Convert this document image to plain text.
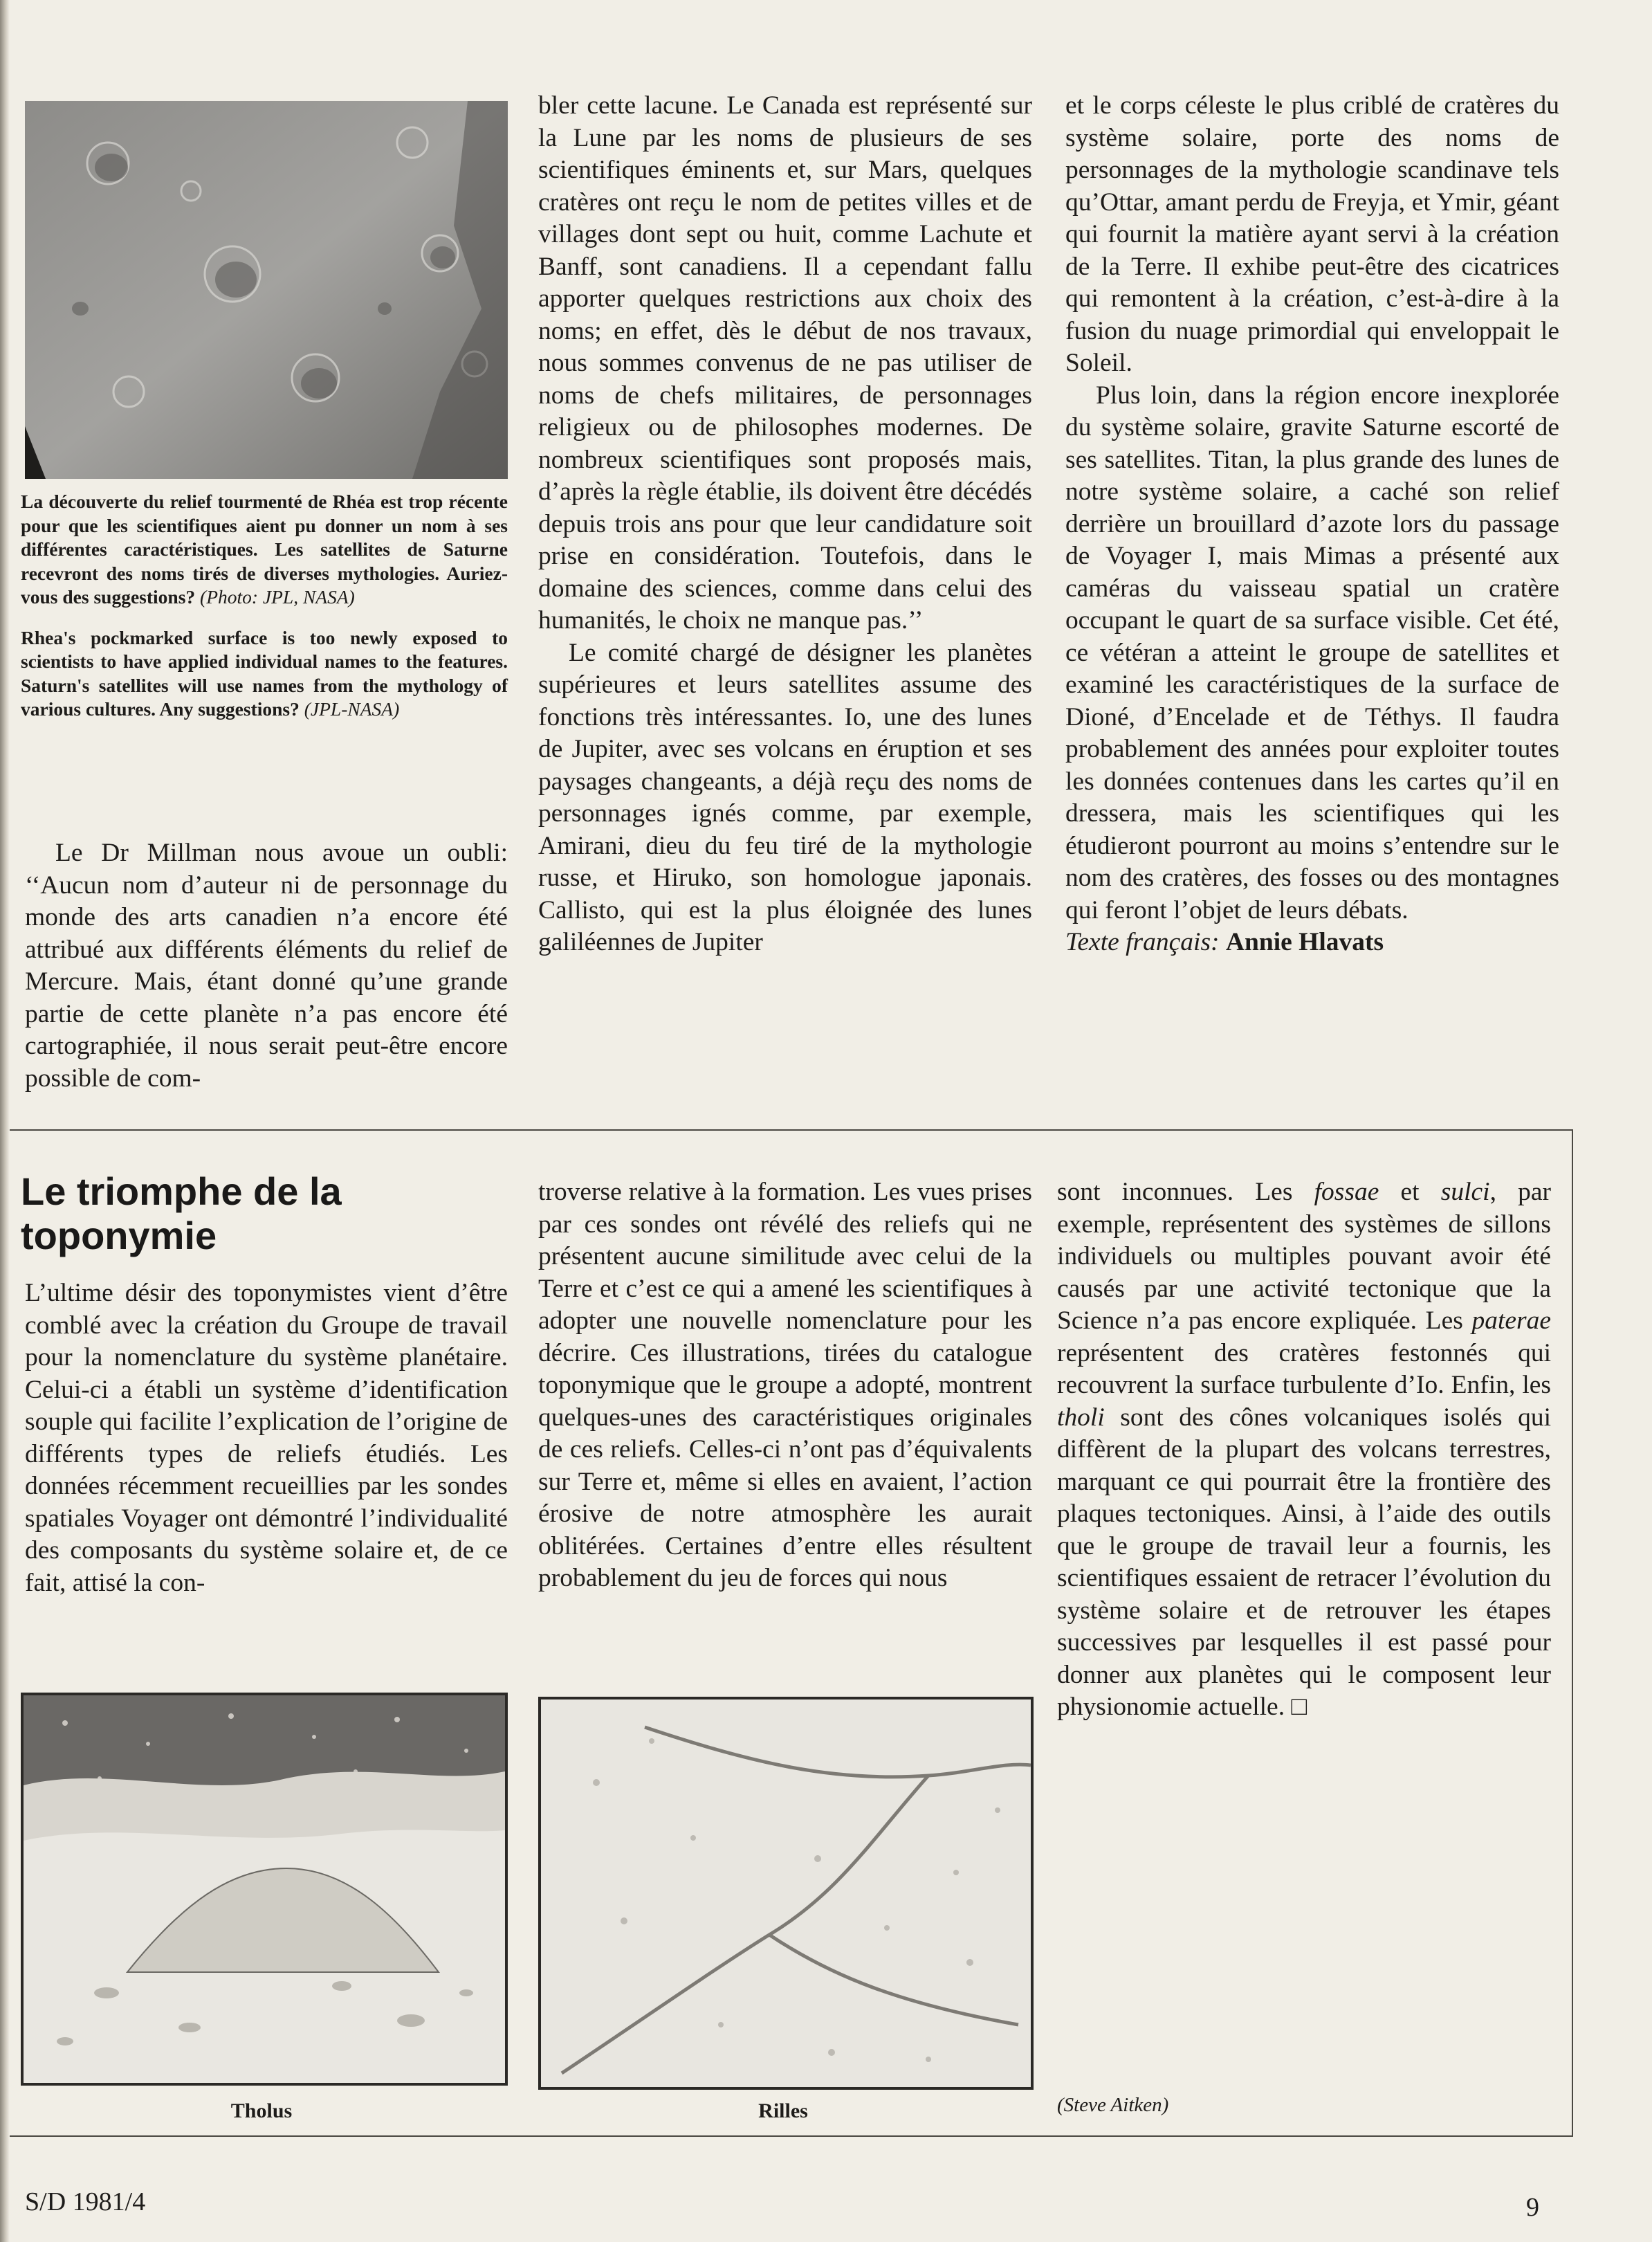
La découverte du relief tourmenté de Rhéa est trop récente pour que les scientifiques aient pu donner un nom à ses différentes caractéristiques. Les satellites de Saturne recevront des noms tirés de diverses mythologies. Auriez-vous des suggestions? (Photo: JPL, NASA)

Rhea's pockmarked surface is too newly exposed to scientists to have applied individual names to the features. Saturn's satellites will use names from the mythology of various cultures. Any suggestions? (JPL-NASA)

Le Dr Millman nous avoue un oubli: ‘‘Aucun nom d’auteur ni de personnage du monde des arts canadien n’a encore été attribué aux différents éléments du relief de Mercure. Mais, étant donné qu’une grande partie de cette planète n’a pas encore été cartographiée, il nous serait peut-être encore possible de com-

bler cette lacune. Le Canada est représenté sur la Lune par les noms de plusieurs de ses scientifiques éminents et, sur Mars, quelques cratères ont reçu le nom de petites villes et de villages dont sept ou huit, comme Lachute et Banff, sont canadiens. Il a cependant fallu apporter quelques restrictions aux choix des noms; en effet, dès le début de nos travaux, nous sommes convenus de ne pas utiliser de noms de chefs militaires, de personnages religieux ou de philosophes modernes. De nombreux scientifiques sont proposés mais, d’après la règle établie, ils doivent être décédés depuis trois ans pour que leur candidature soit prise en considération. Toutefois, dans le domaine des sciences, comme dans celui des humanités, le choix ne manque pas.’’

Le comité chargé de désigner les planètes supérieures et leurs satellites assume des fonctions très intéressantes. Io, une des lunes de Jupiter, avec ses volcans en éruption et ses paysages changeants, a déjà reçu des noms de personnages ignés comme, par exemple, Amirani, dieu du feu tiré de la mythologie russe, et Hiruko, son homologue japonais. Callisto, qui est la plus éloignée des lunes galiléennes de Jupiter

et le corps céleste le plus criblé de cratères du système solaire, porte des noms de personnages de la mythologie scandinave tels qu’Ottar, amant perdu de Freyja, et Ymir, géant qui fournit la matière ayant servi à la création de la Terre. Il exhibe peut-être des cicatrices qui remontent à la création, c’est-à-dire à la fusion du nuage primordial qui enveloppait le Soleil.

Plus loin, dans la région encore inexplorée du système solaire, gravite Saturne escorté de ses satellites. Titan, la plus grande des lunes de notre système solaire, a caché son relief derrière un brouillard d’azote lors du passage de Voyager I, mais Mimas a présenté aux caméras du vaisseau spatial un cratère occupant le quart de sa surface visible. Cet été, ce vétéran a atteint le groupe de satellites et examiné les caractéristiques de la surface de Dioné, d’Encelade et de Téthys. Il faudra probablement des années pour exploiter toutes les données contenues dans les cartes qu’il en dressera, mais les scientifiques qui les étudieront pourront au moins s’entendre sur le nom des cratères, des fosses ou des montagnes qui feront l’objet de leurs débats.

Texte français: Annie Hlavats

Le triomphe de la toponymie

L’ultime désir des toponymistes vient d’être comblé avec la création du Groupe de travail pour la nomenclature du système planétaire. Celui-ci a établi un système d’identification souple qui facilite l’explication de l’origine de différents types de reliefs étudiés. Les données récemment recueillies par les sondes spatiales Voyager ont démontré l’individualité des composants du système solaire et, de ce fait, attisé la con-

troverse relative à la formation. Les vues prises par ces sondes ont révélé des reliefs qui ne présentent aucune similitude avec celui de la Terre et c’est ce qui a amené les scientifiques à adopter une nouvelle nomenclature pour les décrire. Ces illustrations, tirées du catalogue toponymique que le groupe a adopté, montrent quelques-unes des caractéristiques originales de ces reliefs. Celles-ci n’ont pas d’équivalents sur Terre et, même si elles en avaient, l’action érosive de notre atmosphère les aurait oblitérées. Certaines d’entre elles résultent probablement du jeu de forces qui nous

sont inconnues. Les fossae et sulci, par exemple, représentent des systèmes de sillons individuels ou multiples pouvant avoir été causés par une activité tectonique que la Science n’a pas encore expliquée. Les paterae représentent des cratères festonnés qui recouvrent la surface turbulente d’Io. Enfin, les tholi sont des cônes volcaniques isolés qui diffèrent de la plupart des volcans terrestres, marquant ce qui pourrait être la frontière des plaques tectoniques. Ainsi, à l’aide des outils que le groupe de travail leur a fournis, les scientifiques essaient de retracer l’évolution du système solaire et de retrouver les étapes successives par lesquelles il est passé pour donner aux planètes qui le composent leur physionomie actuelle. □

Tholus	Rilles	(Steve Aitken)
S/D 1981/4	9
